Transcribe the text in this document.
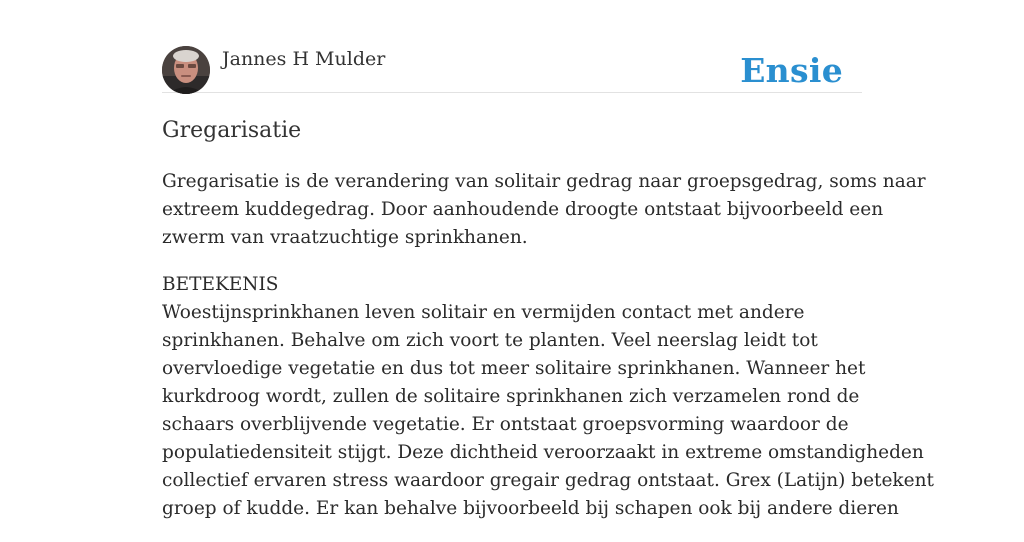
Jannes H Mulder	Ensie
Gregarisatie

Gregarisatie is de verandering van solitair gedrag naar groepsgedrag, soms naar
extreem kuddegedrag. Door aanhoudende droogte ontstaat bijvoorbeeld een
zwerm van vraatzuchtige sprinkhanen.

BETEKENIS
Woestijnsprinkhanen leven solitair en vermijden contact met andere
sprinkhanen. Behalve om zich voort te planten. Veel neerslag leidt tot
overvloedige vegetatie en dus tot meer solitaire sprinkhanen. Wanneer het
kurkdroog wordt, zullen de solitaire sprinkhanen zich verzamelen rond de
schaars overblijvende vegetatie. Er ontstaat groepsvorming waardoor de
populatiedensiteit stijgt. Deze dichtheid veroorzaakt in extreme omstandigheden
collectief ervaren stress waardoor gregair gedrag ontstaat. Grex (Latijn) betekent
groep of kudde. Er kan behalve bijvoorbeeld bij schapen ook bij andere dieren
